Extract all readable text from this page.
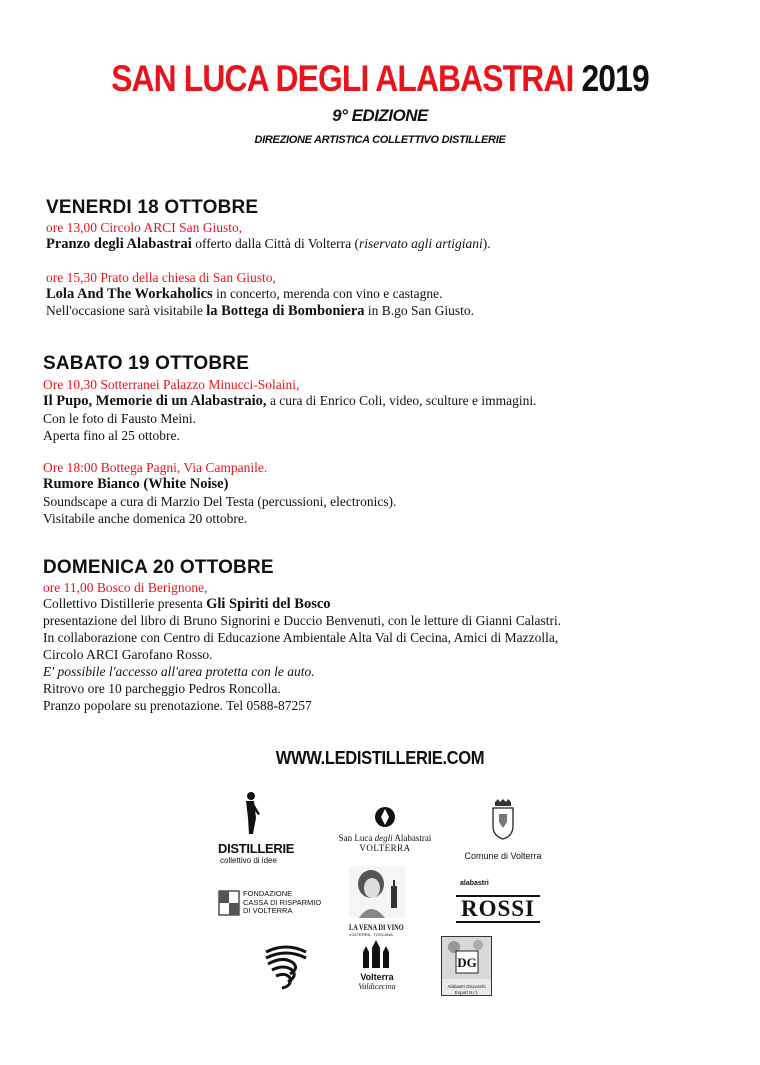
SAN LUCA DEGLI ALABASTRAI 2019
9° EDIZIONE
DIREZIONE ARTISTICA COLLETTIVO DISTILLERIE
VENERDI 18 OTTOBRE
ore 13,00 Circolo ARCI San Giusto,
Pranzo degli Alabastrai offerto dalla Città di Volterra (riservato agli artigiani).
ore 15,30 Prato della chiesa di San Giusto,
Lola And The Workaholics in concerto, merenda con vino e castagne.
Nell'occasione sarà visitabile la Bottega di Bomboniera in B.go San Giusto.
SABATO 19 OTTOBRE
Ore 10,30 Sotterranei Palazzo Minucci-Solaini,
Il Pupo, Memorie di un Alabastraio, a cura di Enrico Coli, video, sculture e immagini.
Con le foto di Fausto Meini.
Aperta fino al 25 ottobre.
Ore 18:00 Bottega Pagni, Via Campanile.
Rumore Bianco (White Noise)
Soundscape a cura di Marzio Del Testa (percussioni, electronics).
Visitabile anche domenica 20 ottobre.
DOMENICA 20 OTTOBRE
ore 11,00 Bosco di Berignone,
Collettivo Distillerie presenta Gli Spiriti del Bosco
presentazione del libro di Bruno Signorini e Duccio Benvenuti, con le letture di Gianni Calastri.
In collaborazione con Centro di Educazione Ambientale Alta Val di Cecina, Amici di Mazzolla,
Circolo ARCI Garofano Rosso.
E' possibile l'accesso all'area protetta con le auto.
Ritrovo ore 10 parcheggio Pedros Roncolla.
Pranzo popolare su prenotazione. Tel 0588-87257
WWW.LEDISTILLERIE.COM
DISTILLERIE
collettivo di idee
San Luca degli Alabastrai
VOLTERRA
Comune di Volterra
FONDAZIONE
CASSA DI RISPARMIO
DI VOLTERRA
LA VENA DI VINO
VOLTERRA · TOSCANA
alabastri
ROSSI
Volterra
Valdicecina
DG
Alabastri Discoschi Export S.r.l.
